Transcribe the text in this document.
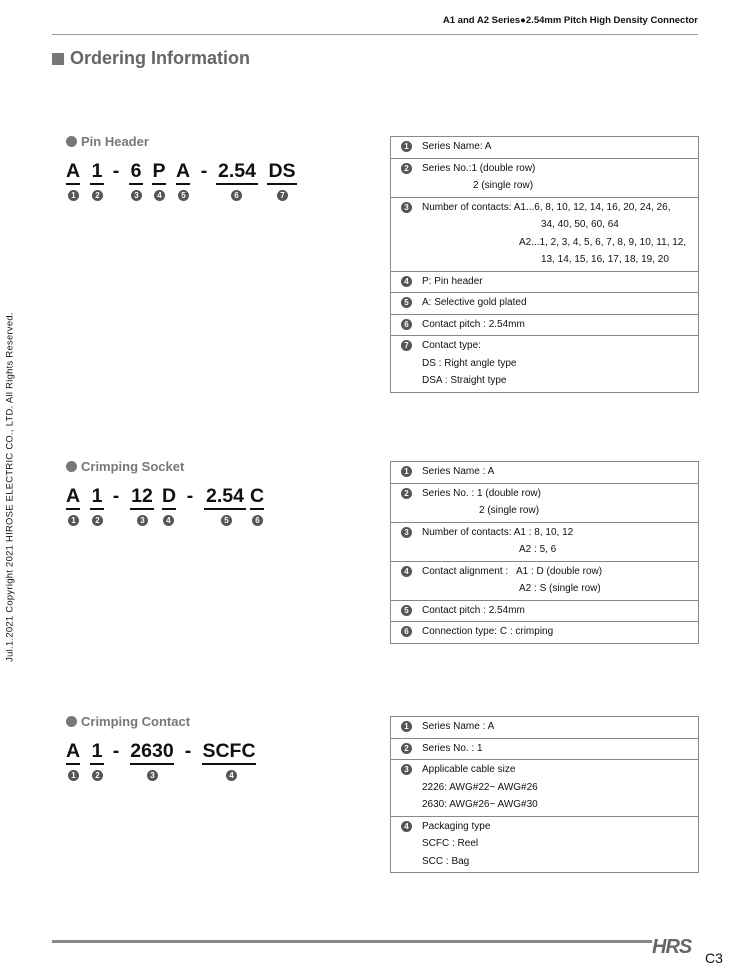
A1 and A2 Series●2.54mm Pitch High Density Connector
Ordering Information
Jul.1.2021 Copyright 2021 HIROSE ELECTRIC CO., LTD. All Rights Reserved.
Pin Header
A 1 - 6 P A - 2.54 DS
1	2	3	4	5	6	7
1	Series Name: A
2	Series No.:1 (double row)
2 (single row)
3	Number of contacts: A1...6, 8, 10, 12, 14, 16, 20, 24, 26,
34, 40, 50, 60, 64
A2...1, 2, 3, 4, 5, 6, 7, 8, 9, 10, 11, 12,
13, 14, 15, 16, 17, 18, 19, 20
4	P: Pin header
5	A: Selective gold plated
6	Contact pitch : 2.54mm
7	Contact type:
DS : Right angle type
DSA : Straight type
Crimping Socket
A 1 - 12 D - 2.54 C
1	2	3	4	5	6
1	Series Name : A
2	Series No. : 1 (double row)
2 (single row)
3	Number of contacts: A1 : 8, 10, 12
A2 : 5, 6
4	Contact alignment :   A1 : D (double row)
A2 : S (single row)
5	Contact pitch : 2.54mm
6	Connection type: C : crimping
Crimping Contact
A 1 - 2630 - SCFC
1	2	3	4
1	Series Name : A
2	Series No. : 1
3	Applicable cable size
2226: AWG#22~ AWG#26
2630: AWG#26~ AWG#30
4	Packaging type
SCFC : Reel
SCC : Bag
HRS C3
